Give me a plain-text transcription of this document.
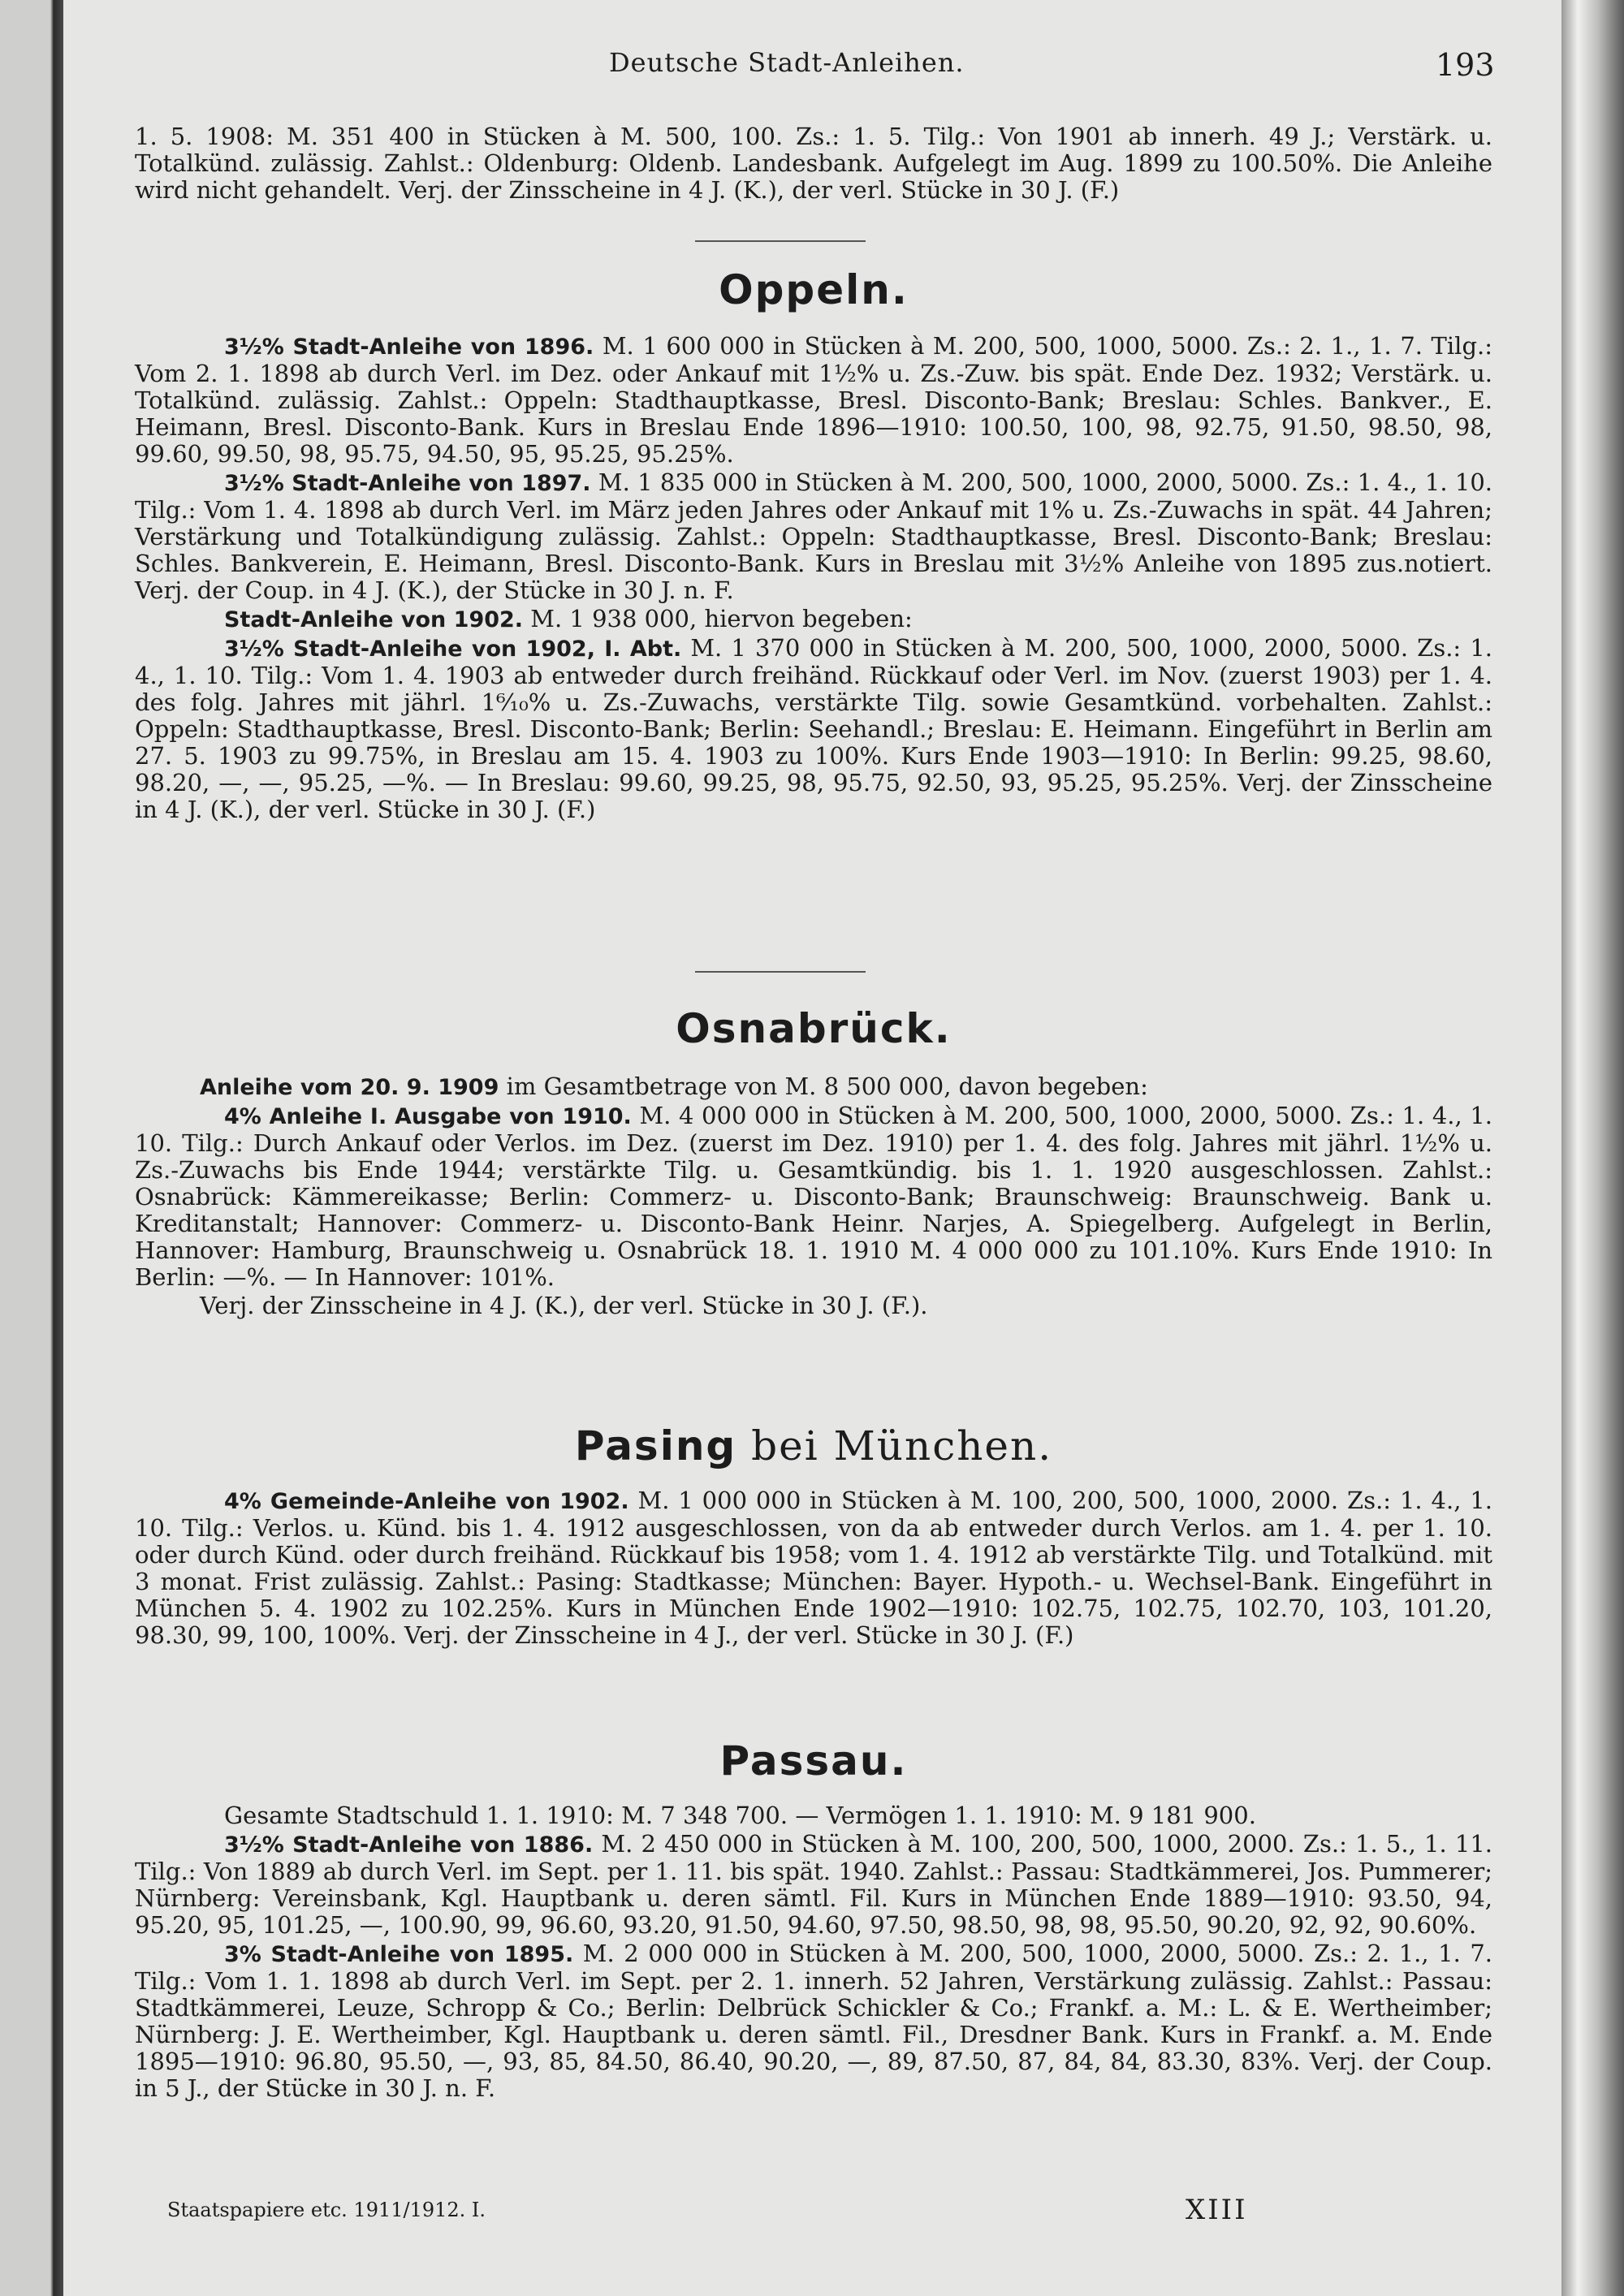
Deutsche Stadt-Anleihen.	193

1. 5. 1908: M. 351 400 in Stücken à M. 500, 100. Zs.: 1. 5. Tilg.: Von 1901 ab innerh. 49 J.; Verstärk. u. Totalkünd. zulässig. Zahlst.: Oldenburg: Oldenb. Landesbank. Aufgelegt im Aug. 1899 zu 100.50%. Die Anleihe wird nicht gehandelt. Verj. der Zinsscheine in 4 J. (K.), der verl. Stücke in 30 J. (F.)

Oppeln.

3½% Stadt-Anleihe von 1896. M. 1 600 000 in Stücken à M. 200, 500, 1000, 5000. Zs.: 2. 1., 1. 7. Tilg.: Vom 2. 1. 1898 ab durch Verl. im Dez. oder Ankauf mit 1½% u. Zs.-Zuw. bis spät. Ende Dez. 1932; Verstärk. u. Totalkünd. zulässig. Zahlst.: Oppeln: Stadthauptkasse, Bresl. Disconto-Bank; Breslau: Schles. Bankver., E. Heimann, Bresl. Disconto-Bank. Kurs in Breslau Ende 1896—1910: 100.50, 100, 98, 92.75, 91.50, 98.50, 98, 99.60, 99.50, 98, 95.75, 94.50, 95, 95.25, 95.25%.

3½% Stadt-Anleihe von 1897. M. 1 835 000 in Stücken à M. 200, 500, 1000, 2000, 5000. Zs.: 1. 4., 1. 10. Tilg.: Vom 1. 4. 1898 ab durch Verl. im März jeden Jahres oder Ankauf mit 1% u. Zs.-Zuwachs in spät. 44 Jahren; Verstärkung und Totalkündigung zulässig. Zahlst.: Oppeln: Stadthauptkasse, Bresl. Disconto-Bank; Breslau: Schles. Bankverein, E. Heimann, Bresl. Disconto-Bank. Kurs in Breslau mit 3½% Anleihe von 1895 zus.notiert. Verj. der Coup. in 4 J. (K.), der Stücke in 30 J. n. F.

Stadt-Anleihe von 1902. M. 1 938 000, hiervon begeben:

3½% Stadt-Anleihe von 1902, I. Abt. M. 1 370 000 in Stücken à M. 200, 500, 1000, 2000, 5000. Zs.: 1. 4., 1. 10. Tilg.: Vom 1. 4. 1903 ab entweder durch freihänd. Rückkauf oder Verl. im Nov. (zuerst 1903) per 1. 4. des folg. Jahres mit jährl. 1⁶⁄₁₀% u. Zs.-Zuwachs, verstärkte Tilg. sowie Gesamtkünd. vorbehalten. Zahlst.: Oppeln: Stadthauptkasse, Bresl. Disconto-Bank; Berlin: Seehandl.; Breslau: E. Heimann. Eingeführt in Berlin am 27. 5. 1903 zu 99.75%, in Breslau am 15. 4. 1903 zu 100%. Kurs Ende 1903—1910: In Berlin: 99.25, 98.60, 98.20, —, —, 95.25, —%. — In Breslau: 99.60, 99.25, 98, 95.75, 92.50, 93, 95.25, 95.25%. Verj. der Zinsscheine in 4 J. (K.), der verl. Stücke in 30 J. (F.)

Osnabrück.

Anleihe vom 20. 9. 1909 im Gesamtbetrage von M. 8 500 000, davon begeben:

4% Anleihe I. Ausgabe von 1910. M. 4 000 000 in Stücken à M. 200, 500, 1000, 2000, 5000. Zs.: 1. 4., 1. 10. Tilg.: Durch Ankauf oder Verlos. im Dez. (zuerst im Dez. 1910) per 1. 4. des folg. Jahres mit jährl. 1½% u. Zs.-Zuwachs bis Ende 1944; verstärkte Tilg. u. Gesamtkündig. bis 1. 1. 1920 ausgeschlossen. Zahlst.: Osnabrück: Kämmereikasse; Berlin: Commerz- u. Disconto-Bank; Braunschweig: Braunschweig. Bank u. Kreditanstalt; Hannover: Commerz- u. Disconto-Bank Heinr. Narjes, A. Spiegelberg. Aufgelegt in Berlin, Hannover: Hamburg, Braunschweig u. Osnabrück 18. 1. 1910 M. 4 000 000 zu 101.10%. Kurs Ende 1910: In Berlin: —%. — In Hannover: 101%.

Verj. der Zinsscheine in 4 J. (K.), der verl. Stücke in 30 J. (F.).

Pasing bei München.

4% Gemeinde-Anleihe von 1902. M. 1 000 000 in Stücken à M. 100, 200, 500, 1000, 2000. Zs.: 1. 4., 1. 10. Tilg.: Verlos. u. Künd. bis 1. 4. 1912 ausgeschlossen, von da ab entweder durch Verlos. am 1. 4. per 1. 10. oder durch Künd. oder durch freihänd. Rückkauf bis 1958; vom 1. 4. 1912 ab verstärkte Tilg. und Totalkünd. mit 3 monat. Frist zulässig. Zahlst.: Pasing: Stadtkasse; München: Bayer. Hypoth.- u. Wechsel-Bank. Eingeführt in München 5. 4. 1902 zu 102.25%. Kurs in München Ende 1902—1910: 102.75, 102.75, 102.70, 103, 101.20, 98.30, 99, 100, 100%. Verj. der Zinsscheine in 4 J., der verl. Stücke in 30 J. (F.)

Passau.

Gesamte Stadtschuld 1. 1. 1910: M. 7 348 700. — Vermögen 1. 1. 1910: M. 9 181 900.

3½% Stadt-Anleihe von 1886. M. 2 450 000 in Stücken à M. 100, 200, 500, 1000, 2000. Zs.: 1. 5., 1. 11. Tilg.: Von 1889 ab durch Verl. im Sept. per 1. 11. bis spät. 1940. Zahlst.: Passau: Stadtkämmerei, Jos. Pummerer; Nürnberg: Vereinsbank, Kgl. Hauptbank u. deren sämtl. Fil. Kurs in München Ende 1889—1910: 93.50, 94, 95.20, 95, 101.25, —, 100.90, 99, 96.60, 93.20, 91.50, 94.60, 97.50, 98.50, 98, 98, 95.50, 90.20, 92, 92, 90.60%.

3% Stadt-Anleihe von 1895. M. 2 000 000 in Stücken à M. 200, 500, 1000, 2000, 5000. Zs.: 2. 1., 1. 7. Tilg.: Vom 1. 1. 1898 ab durch Verl. im Sept. per 2. 1. innerh. 52 Jahren, Verstärkung zulässig. Zahlst.: Passau: Stadtkämmerei, Leuze, Schropp & Co.; Berlin: Delbrück Schickler & Co.; Frankf. a. M.: L. & E. Wertheimber; Nürnberg: J. E. Wertheimber, Kgl. Hauptbank u. deren sämtl. Fil., Dresdner Bank. Kurs in Frankf. a. M. Ende 1895—1910: 96.80, 95.50, —, 93, 85, 84.50, 86.40, 90.20, —, 89, 87.50, 87, 84, 84, 83.30, 83%. Verj. der Coup. in 5 J., der Stücke in 30 J. n. F.

Staatspapiere etc. 1911/1912. I.	XIII
